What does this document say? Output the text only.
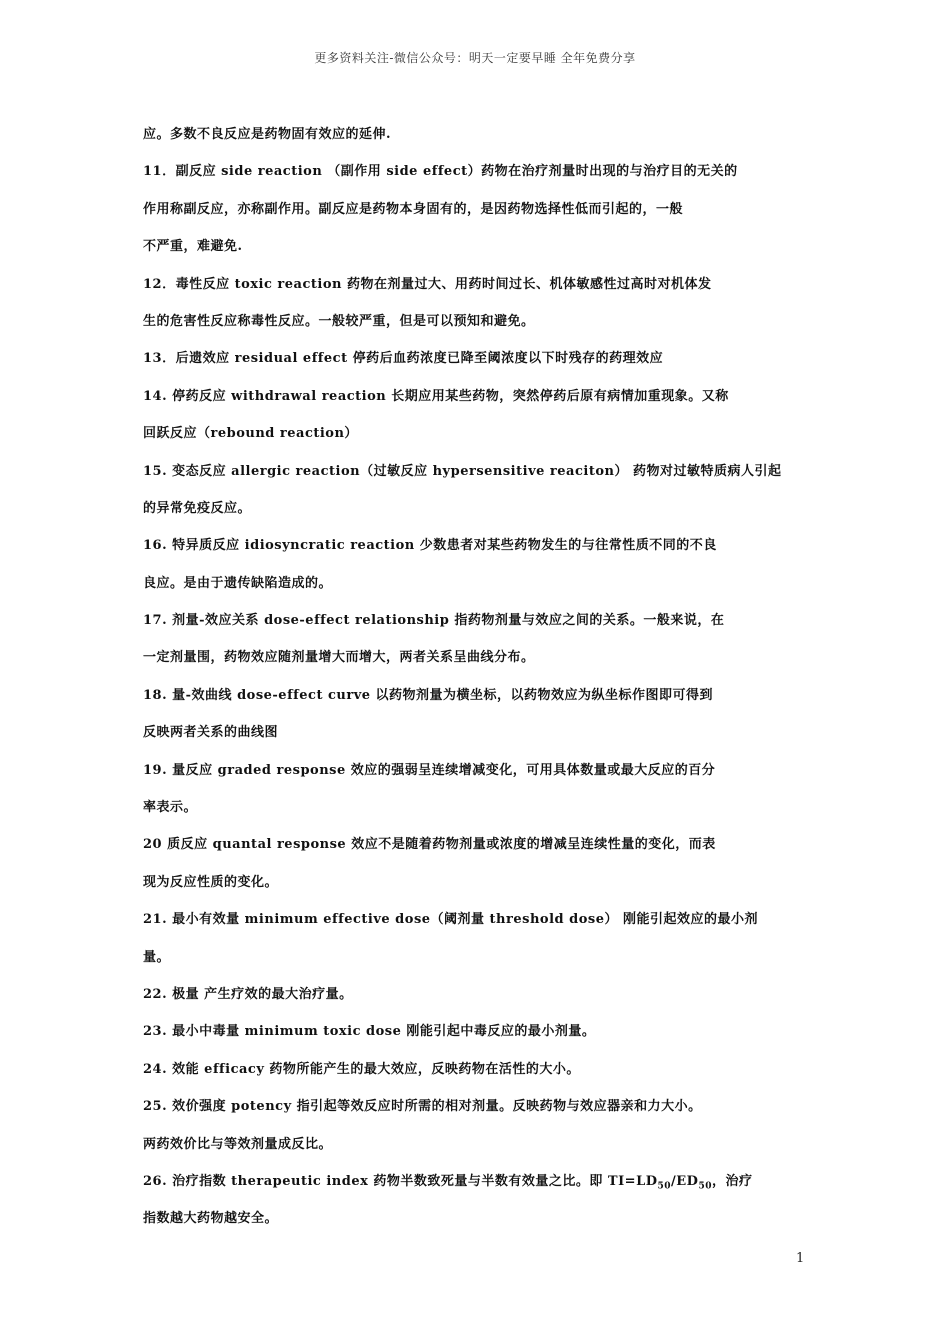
更多资料关注-微信公众号：明天一定要早睡 全年免费分享
应。多数不良反应是药物固有效应的延伸.
11．副反应 side reaction （副作用 side effect）药物在治疗剂量时出现的与治疗目的无关的
作用称副反应，亦称副作用。副反应是药物本身固有的，是因药物选择性低而引起的，一般
不严重，难避免.
12．毒性反应 toxic reaction 药物在剂量过大、用药时间过长、机体敏感性过高时对机体发
生的危害性反应称毒性反应。一般较严重，但是可以预知和避免。
13．后遗效应 residual effect 停药后血药浓度已降至阈浓度以下时残存的药理效应
14. 停药反应 withdrawal reaction 长期应用某些药物，突然停药后原有病情加重现象。又称
回跃反应（rebound reaction）
15. 变态反应 allergic reaction（过敏反应 hypersensitive reaciton） 药物对过敏特质病人引起
的异常免疫反应。
16. 特异质反应 idiosyncratic reaction 少数患者对某些药物发生的与往常性质不同的不良
良应。是由于遗传缺陷造成的。
17. 剂量-效应关系 dose-effect relationship 指药物剂量与效应之间的关系。一般来说，在
一定剂量围，药物效应随剂量增大而增大，两者关系呈曲线分布。
18. 量-效曲线 dose-effect curve 以药物剂量为横坐标，以药物效应为纵坐标作图即可得到
反映两者关系的曲线图
19. 量反应 graded response 效应的强弱呈连续增减变化，可用具体数量或最大反应的百分
率表示。
20 质反应 quantal response 效应不是随着药物剂量或浓度的增减呈连续性量的变化，而表
现为反应性质的变化。
21. 最小有效量 minimum effective dose（阈剂量 threshold dose） 刚能引起效应的最小剂
量。
22. 极量 产生疗效的最大治疗量。
23. 最小中毒量 minimum toxic dose 刚能引起中毒反应的最小剂量。
24. 效能 efficacy 药物所能产生的最大效应，反映药物在活性的大小。
25. 效价强度 potency 指引起等效反应时所需的相对剂量。反映药物与效应器亲和力大小。
两药效价比与等效剂量成反比。
26. 治疗指数 therapeutic index 药物半数致死量与半数有效量之比。即 $TI=LD_{50}/ED_{50}$，治疗
指数越大药物越安全。
1
